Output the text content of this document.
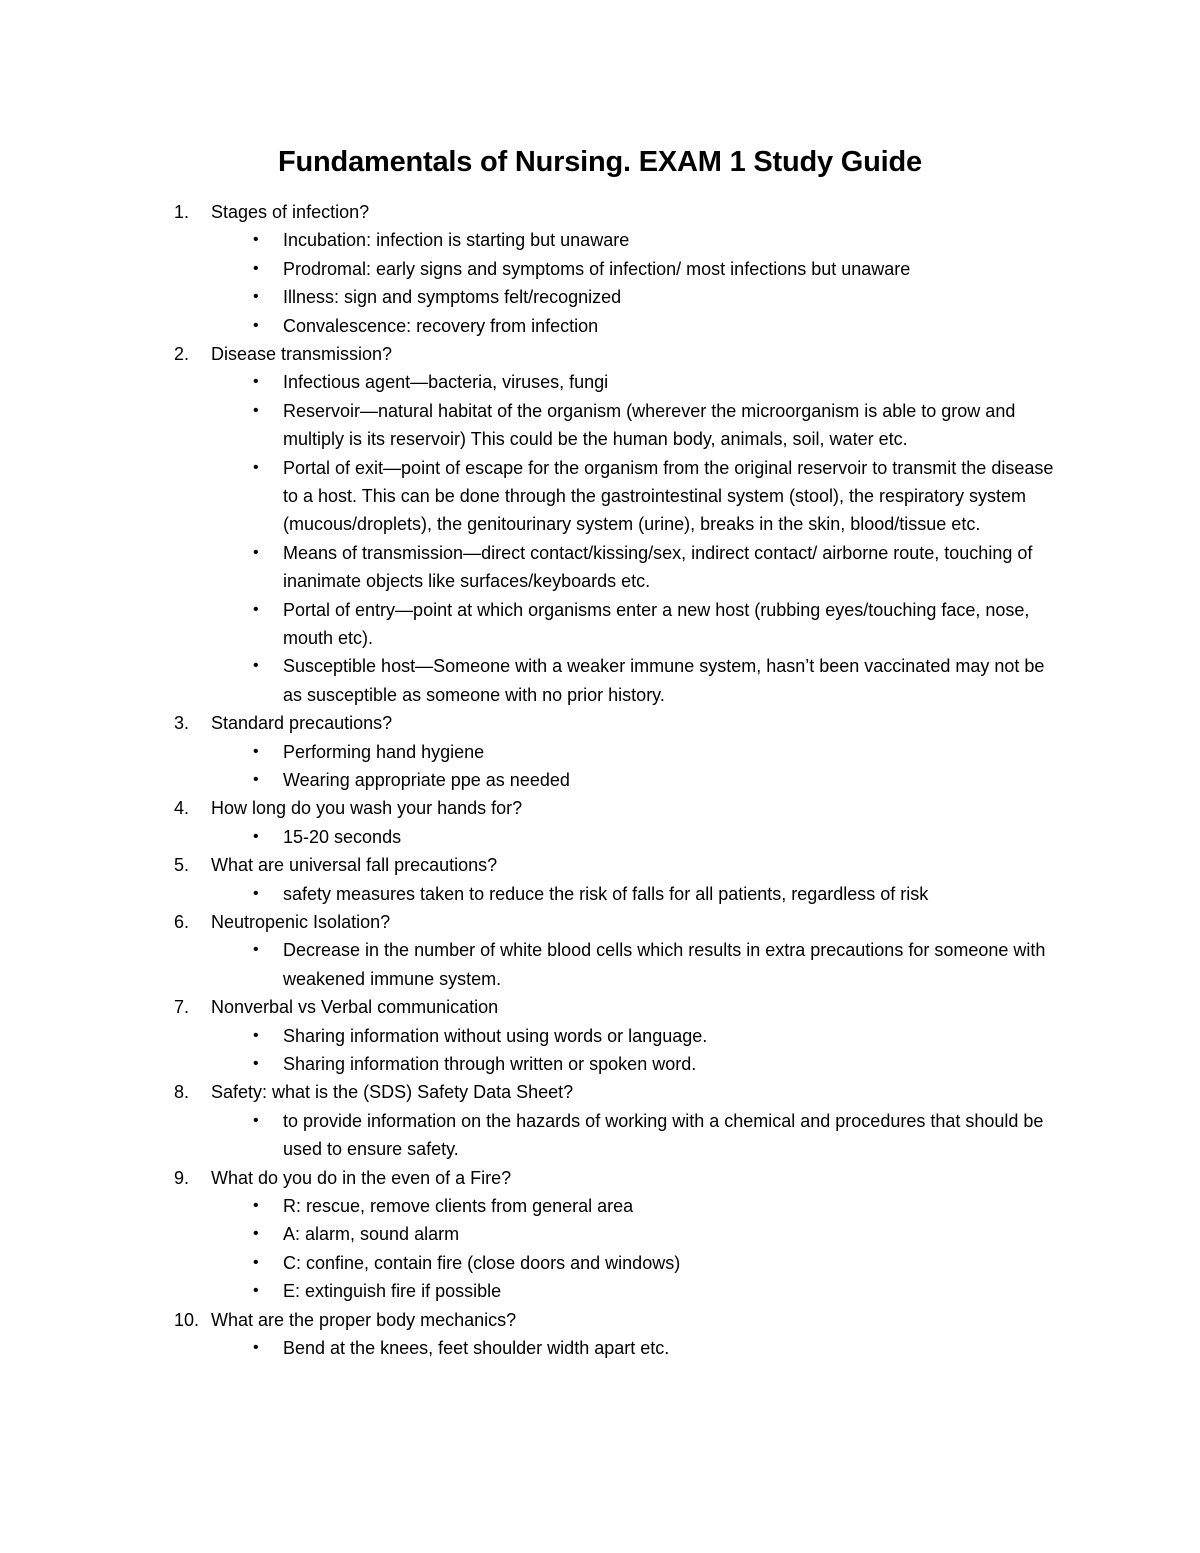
Fundamentals of Nursing. EXAM 1 Study Guide
1.	Stages of infection?
• Incubation: infection is starting but unaware
• Prodromal: early signs and symptoms of infection/ most infections but unaware
• Illness: sign and symptoms felt/recognized
• Convalescence: recovery from infection
2.	Disease transmission?
• Infectious agent—bacteria, viruses, fungi
• Reservoir—natural habitat of the organism (wherever the microorganism is able to grow and multiply is its reservoir) This could be the human body, animals, soil, water etc.
• Portal of exit—point of escape for the organism from the original reservoir to transmit the disease to a host. This can be done through the gastrointestinal system (stool), the respiratory system (mucous/droplets), the genitourinary system (urine), breaks in the skin, blood/tissue etc.
• Means of transmission—direct contact/kissing/sex, indirect contact/ airborne route, touching of inanimate objects like surfaces/keyboards etc.
• Portal of entry—point at which organisms enter a new host (rubbing eyes/touching face, nose, mouth etc).
• Susceptible host—Someone with a weaker immune system, hasn’t been vaccinated may not be as susceptible as someone with no prior history.
3.	Standard precautions?
• Performing hand hygiene
• Wearing appropriate ppe as needed
4.	How long do you wash your hands for?
• 15-20 seconds
5.	What are universal fall precautions?
• safety measures taken to reduce the risk of falls for all patients, regardless of risk
6.	Neutropenic Isolation?
• Decrease in the number of white blood cells which results in extra precautions for someone with weakened immune system.
7.	Nonverbal vs Verbal communication
• Sharing information without using words or language.
• Sharing information through written or spoken word.
8.	Safety: what is the (SDS) Safety Data Sheet?
• to provide information on the hazards of working with a chemical and procedures that should be used to ensure safety.
9.	What do you do in the even of a Fire?
• R: rescue, remove clients from general area
• A: alarm, sound alarm
• C: confine, contain fire (close doors and windows)
• E: extinguish fire if possible
10. What are the proper body mechanics?
• Bend at the knees, feet shoulder width apart etc.
